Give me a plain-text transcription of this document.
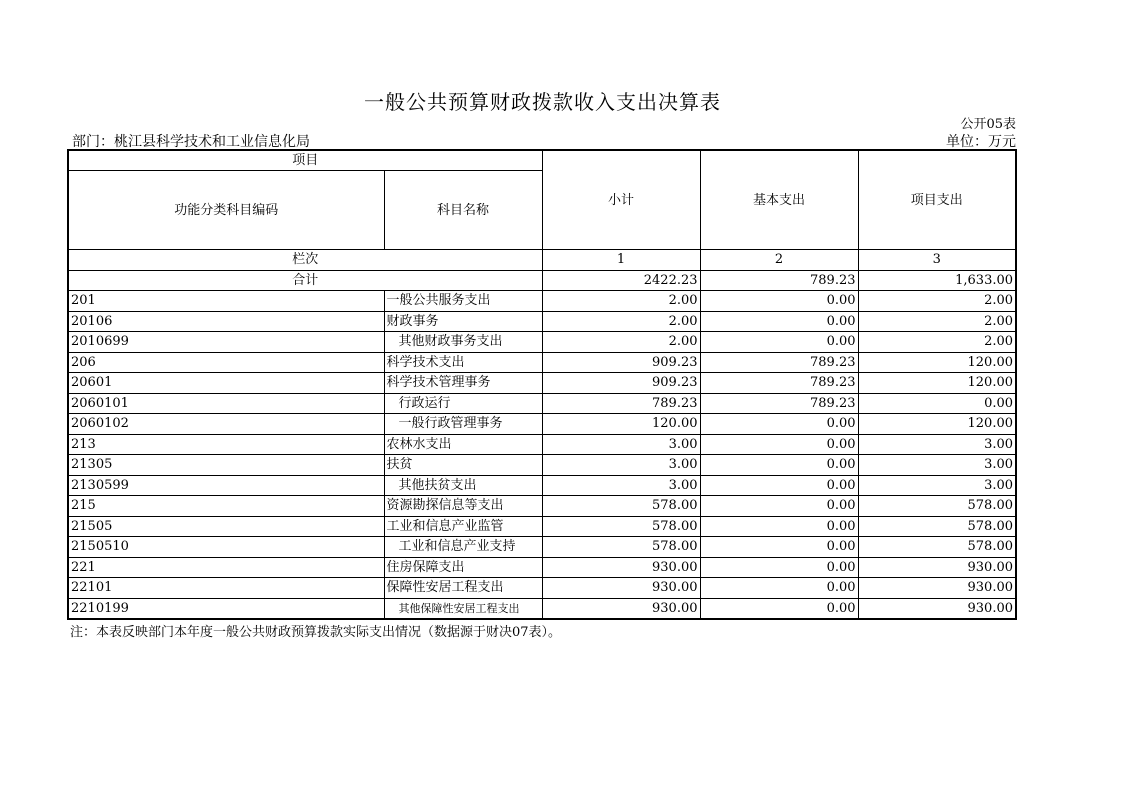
一般公共预算财政拨款收入支出决算表
公开05表
部门：桃江县科学技术和工业信息化局	单位：万元
项目		小计	基本支出	项目支出
功能分类科目编码	科目名称			
栏次		1	2	3
合计		2422.23	789.23	1,633.00
201	一般公共服务支出	2.00	0.00	2.00
20106	财政事务	2.00	0.00	2.00
2010699	其他财政事务支出	2.00	0.00	2.00
206	科学技术支出	909.23	789.23	120.00
20601	科学技术管理事务	909.23	789.23	120.00
2060101	行政运行	789.23	789.23	0.00
2060102	一般行政管理事务	120.00	0.00	120.00
213	农林水支出	3.00	0.00	3.00
21305	扶贫	3.00	0.00	3.00
2130599	其他扶贫支出	3.00	0.00	3.00
215	资源勘探信息等支出	578.00	0.00	578.00
21505	工业和信息产业监管	578.00	0.00	578.00
2150510	工业和信息产业支持	578.00	0.00	578.00
221	住房保障支出	930.00	0.00	930.00
22101	保障性安居工程支出	930.00	0.00	930.00
2210199	其他保障性安居工程支出	930.00	0.00	930.00
注：本表反映部门本年度一般公共财政预算拨款实际支出情况（数据源于财决07表）。
